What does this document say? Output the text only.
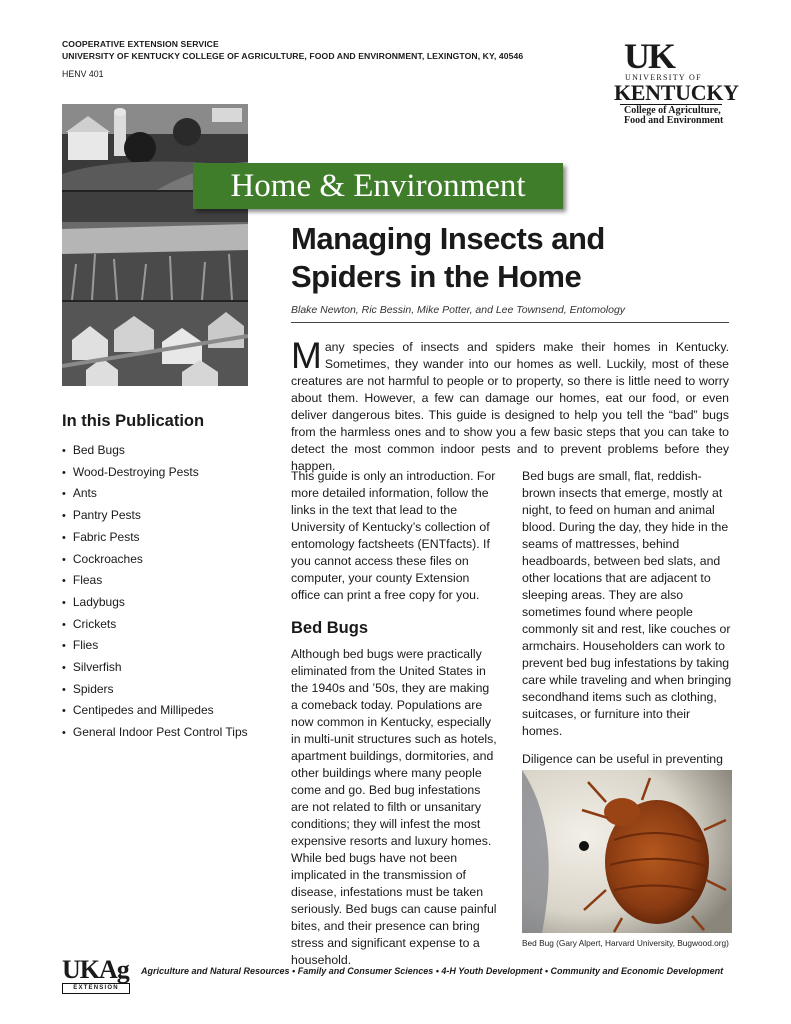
COOPERATIVE EXTENSION SERVICE
UNIVERSITY OF KENTUCKY COLLEGE OF AGRICULTURE, FOOD AND ENVIRONMENT, LEXINGTON, KY, 40546
HENV 401	UK
UNIVERSITY OF
KENTUCKY
College of Agriculture,
Food and Environment
Home & Environment
Managing Insects and
Spiders in the Home
Blake Newton, Ric Bessin, Mike Potter, and Lee Townsend, Entomology
Many species of insects and spiders make their homes in Kentucky. Sometimes, they wander into our homes as well. Luckily, most of these creatures are not harmful to people or to property, so there is little need to worry about them. However, a few can damage our homes, eat our food, or even deliver dangerous bites. This guide is designed to help you tell the “bad” bugs from the harmless ones and to show you a few basic steps that you can take to detect the most common indoor pests and to prevent problems before they happen.
In this Publication
• Bed Bugs
• Wood-Destroying Pests
• Ants
• Pantry Pests
• Fabric Pests
• Cockroaches
• Fleas
• Ladybugs
• Crickets
• Flies
• Silverfish
• Spiders
• Centipedes and Millipedes
• General Indoor Pest Control Tips

This guide is only an introduction. For more detailed information, follow the links in the text that lead to the University of Kentucky’s collection of entomology factsheets (ENTfacts). If you cannot access these files on computer, your county Extension office can print a free copy for you.

Bed Bugs

Although bed bugs were practically eliminated from the United States in the 1940s and ’50s, they are making a comeback today. Populations are now common in Kentucky, especially in multi-unit structures such as hotels, apartment buildings, dormitories, and other buildings where many people come and go. Bed bug infestations are not related to filth or unsanitary conditions; they will infest the most expensive resorts and luxury homes. While bed bugs have not been implicated in the transmission of disease, infestations must be taken seriously. Bed bugs can cause painful bites, and their presence can bring stress and significant expense to a household.

Bed bugs are small, flat, reddish-brown insects that emerge, mostly at night, to feed on human and animal blood. During the day, they hide in the seams of mattresses, behind headboards, between bed slats, and other locations that are adjacent to sleeping areas. They are also sometimes found where people commonly sit and rest, like couches or armchairs. Householders can work to prevent bed bug infestations by taking care while traveling and when bringing secondhand items such as clothing, suitcases, or furniture into their homes.

Diligence can be useful in preventing

Bed Bug (Gary Alpert, Harvard University, Bugwood.org)
UKAg
EXTENSION
Agriculture and Natural Resources • Family and Consumer Sciences • 4-H Youth Development • Community and Economic Development
